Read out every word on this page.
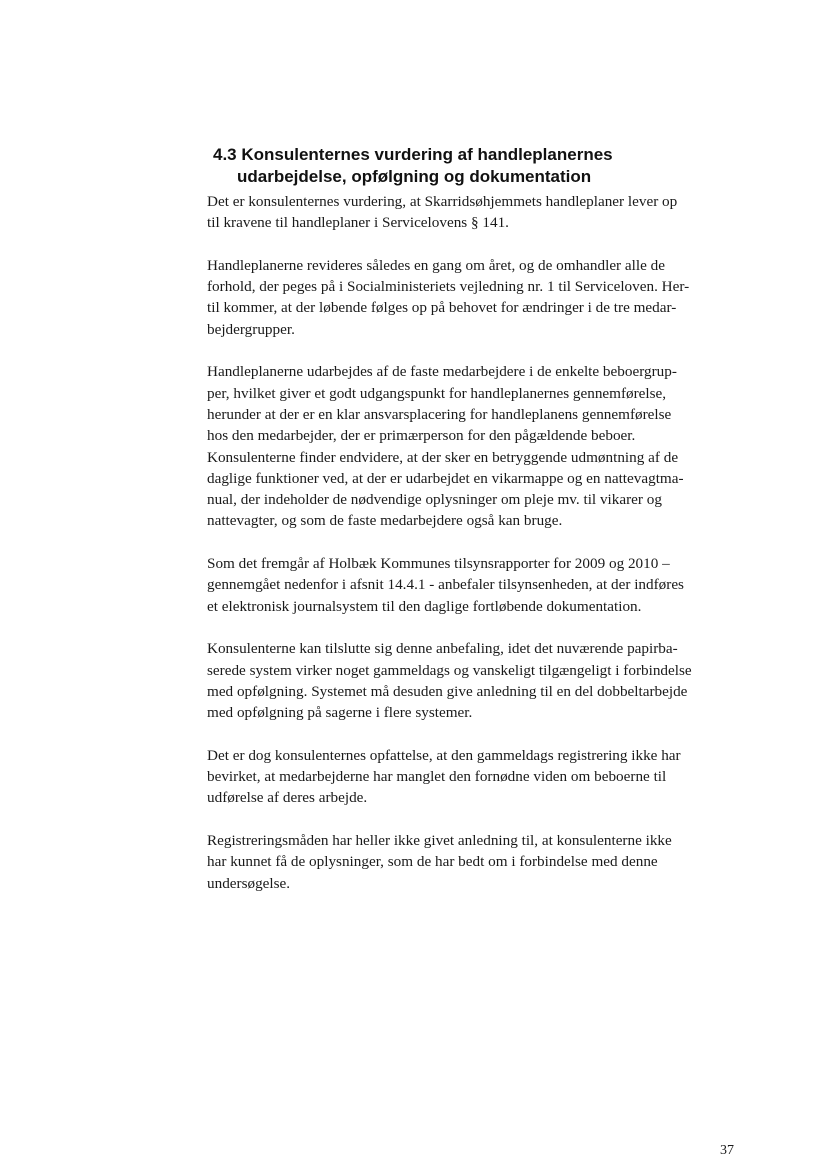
4.3 Konsulenternes vurdering af handleplanernes
udarbejdelse, opfølgning og dokumentation

Det er konsulenternes vurdering, at Skarridsøhjemmets handleplaner lever op
til kravene til handleplaner i Servicelovens § 141.

Handleplanerne revideres således en gang om året, og de omhandler alle de
forhold, der peges på i Socialministeriets vejledning nr. 1 til Serviceloven. Her-
til kommer, at der løbende følges op på behovet for ændringer i de tre medar-
bejdergrupper.

Handleplanerne udarbejdes af de faste medarbejdere i de enkelte beboergrup-
per, hvilket giver et godt udgangspunkt for handleplanernes gennemførelse,
herunder at der er en klar ansvarsplacering for handleplanens gennemførelse
hos den medarbejder, der er primærperson for den pågældende beboer.
Konsulenterne finder endvidere, at der sker en betryggende udmøntning af de
daglige funktioner ved, at der er udarbejdet en vikarmappe og en nattevagtma-
nual, der indeholder de nødvendige oplysninger om pleje mv. til vikarer og
nattevagter, og som de faste medarbejdere også kan bruge.

Som det fremgår af Holbæk Kommunes tilsynsrapporter for 2009 og 2010 –
gennemgået nedenfor i afsnit 14.4.1 - anbefaler tilsynsenheden, at der indføres
et elektronisk journalsystem til den daglige fortløbende dokumentation.

Konsulenterne kan tilslutte sig denne anbefaling, idet det nuværende papirba-
serede system virker noget gammeldags og vanskeligt tilgængeligt i forbindelse
med opfølgning. Systemet må desuden give anledning til en del dobbeltarbejde
med opfølgning på sagerne i flere systemer.

Det er dog konsulenternes opfattelse, at den gammeldags registrering ikke har
bevirket, at medarbejderne har manglet den fornødne viden om beboerne til
udførelse af deres arbejde.

Registreringsmåden har heller ikke givet anledning til, at konsulenterne ikke
har kunnet få de oplysninger, som de har bedt om i forbindelse med denne
undersøgelse.

37
